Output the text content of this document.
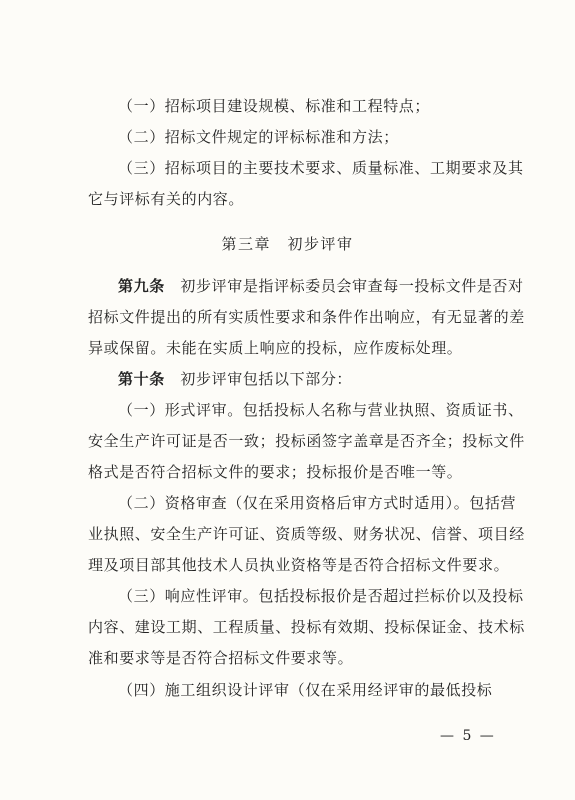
（一）招标项目建设规模、标准和工程特点；
（二）招标文件规定的评标标准和方法；
（三）招标项目的主要技术要求、质量标准、工期要求及其
它与评标有关的内容。
第三章　初步评审
第九条　初步评审是指评标委员会审查每一投标文件是否对
招标文件提出的所有实质性要求和条件作出响应，有无显著的差
异或保留。未能在实质上响应的投标，应作废标处理。
第十条　初步评审包括以下部分：
（一）形式评审。包括投标人名称与营业执照、资质证书、
安全生产许可证是否一致；投标函签字盖章是否齐全；投标文件
格式是否符合招标文件的要求；投标报价是否唯一等。
（二）资格审查（仅在采用资格后审方式时适用）。包括营
业执照、安全生产许可证、资质等级、财务状况、信誉、项目经
理及项目部其他技术人员执业资格等是否符合招标文件要求。
（三）响应性评审。包括投标报价是否超过拦标价以及投标
内容、建设工期、工程质量、投标有效期、投标保证金、技术标
准和要求等是否符合招标文件要求等。
（四）施工组织设计评审（仅在采用经评审的最低投标
— 5 —
